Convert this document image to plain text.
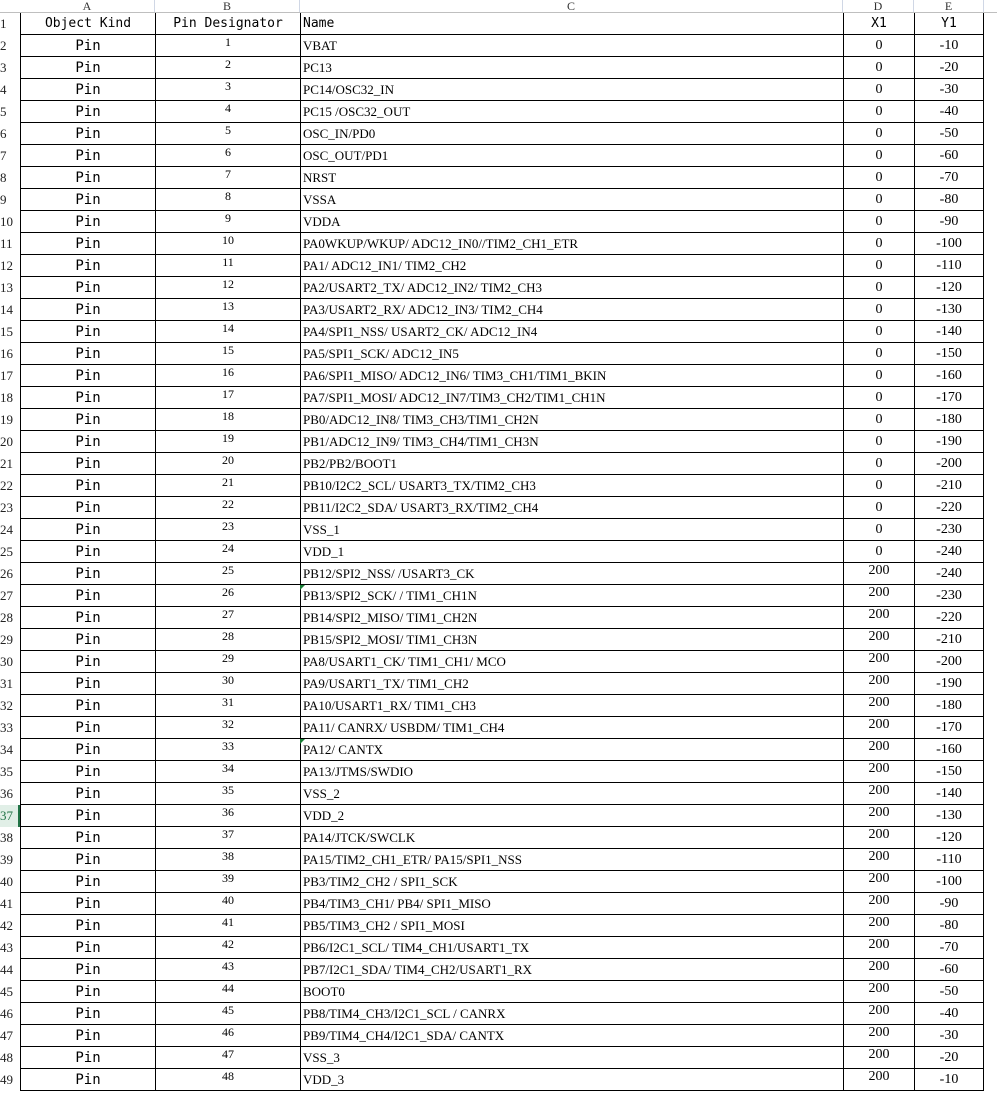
A	B	C	D	E
1	Object Kind	Pin Designator	Name	X1	Y1
2	Pin	1	VBAT	0	-10
3	Pin	2	PC13	0	-20
4	Pin	3	PC14/OSC32_IN	0	-30
5	Pin	4	PC15 /OSC32_OUT	0	-40
6	Pin	5	OSC_IN/PD0	0	-50
7	Pin	6	OSC_OUT/PD1	0	-60
8	Pin	7	NRST	0	-70
9	Pin	8	VSSA	0	-80
10	Pin	9	VDDA	0	-90
11	Pin	10	PA0WKUP/WKUP/ ADC12_IN0//TIM2_CH1_ETR	0	-100
12	Pin	11	PA1/ ADC12_IN1/ TIM2_CH2	0	-110
13	Pin	12	PA2/USART2_TX/ ADC12_IN2/ TIM2_CH3	0	-120
14	Pin	13	PA3/USART2_RX/ ADC12_IN3/ TIM2_CH4	0	-130
15	Pin	14	PA4/SPI1_NSS/ USART2_CK/ ADC12_IN4	0	-140
16	Pin	15	PA5/SPI1_SCK/ ADC12_IN5	0	-150
17	Pin	16	PA6/SPI1_MISO/ ADC12_IN6/ TIM3_CH1/TIM1_BKIN	0	-160
18	Pin	17	PA7/SPI1_MOSI/ ADC12_IN7/TIM3_CH2/TIM1_CH1N	0	-170
19	Pin	18	PB0/ADC12_IN8/ TIM3_CH3/TIM1_CH2N	0	-180
20	Pin	19	PB1/ADC12_IN9/ TIM3_CH4/TIM1_CH3N	0	-190
21	Pin	20	PB2/PB2/BOOT1	0	-200
22	Pin	21	PB10/I2C2_SCL/ USART3_TX/TIM2_CH3	0	-210
23	Pin	22	PB11/I2C2_SDA/ USART3_RX/TIM2_CH4	0	-220
24	Pin	23	VSS_1	0	-230
25	Pin	24	VDD_1	0	-240
26	Pin	25	PB12/SPI2_NSS/ /USART3_CK	200	-240
27	Pin	26	PB13/SPI2_SCK/ / TIM1_CH1N	200	-230
28	Pin	27	PB14/SPI2_MISO/ TIM1_CH2N	200	-220
29	Pin	28	PB15/SPI2_MOSI/ TIM1_CH3N	200	-210
30	Pin	29	PA8/USART1_CK/ TIM1_CH1/ MCO	200	-200
31	Pin	30	PA9/USART1_TX/ TIM1_CH2	200	-190
32	Pin	31	PA10/USART1_RX/ TIM1_CH3	200	-180
33	Pin	32	PA11/ CANRX/ USBDM/ TIM1_CH4	200	-170
34	Pin	33	PA12/ CANTX	200	-160
35	Pin	34	PA13/JTMS/SWDIO	200	-150
36	Pin	35	VSS_2	200	-140
37	Pin	36	VDD_2	200	-130
38	Pin	37	PA14/JTCK/SWCLK	200	-120
39	Pin	38	PA15/TIM2_CH1_ETR/ PA15/SPI1_NSS	200	-110
40	Pin	39	PB3/TIM2_CH2 / SPI1_SCK	200	-100
41	Pin	40	PB4/TIM3_CH1/ PB4/ SPI1_MISO	200	-90
42	Pin	41	PB5/TIM3_CH2 / SPI1_MOSI	200	-80
43	Pin	42	PB6/I2C1_SCL/ TIM4_CH1/USART1_TX	200	-70
44	Pin	43	PB7/I2C1_SDA/ TIM4_CH2/USART1_RX	200	-60
45	Pin	44	BOOT0	200	-50
46	Pin	45	PB8/TIM4_CH3/I2C1_SCL / CANRX	200	-40
47	Pin	46	PB9/TIM4_CH4/I2C1_SDA/ CANTX	200	-30
48	Pin	47	VSS_3	200	-20
49	Pin	48	VDD_3	200	-10
